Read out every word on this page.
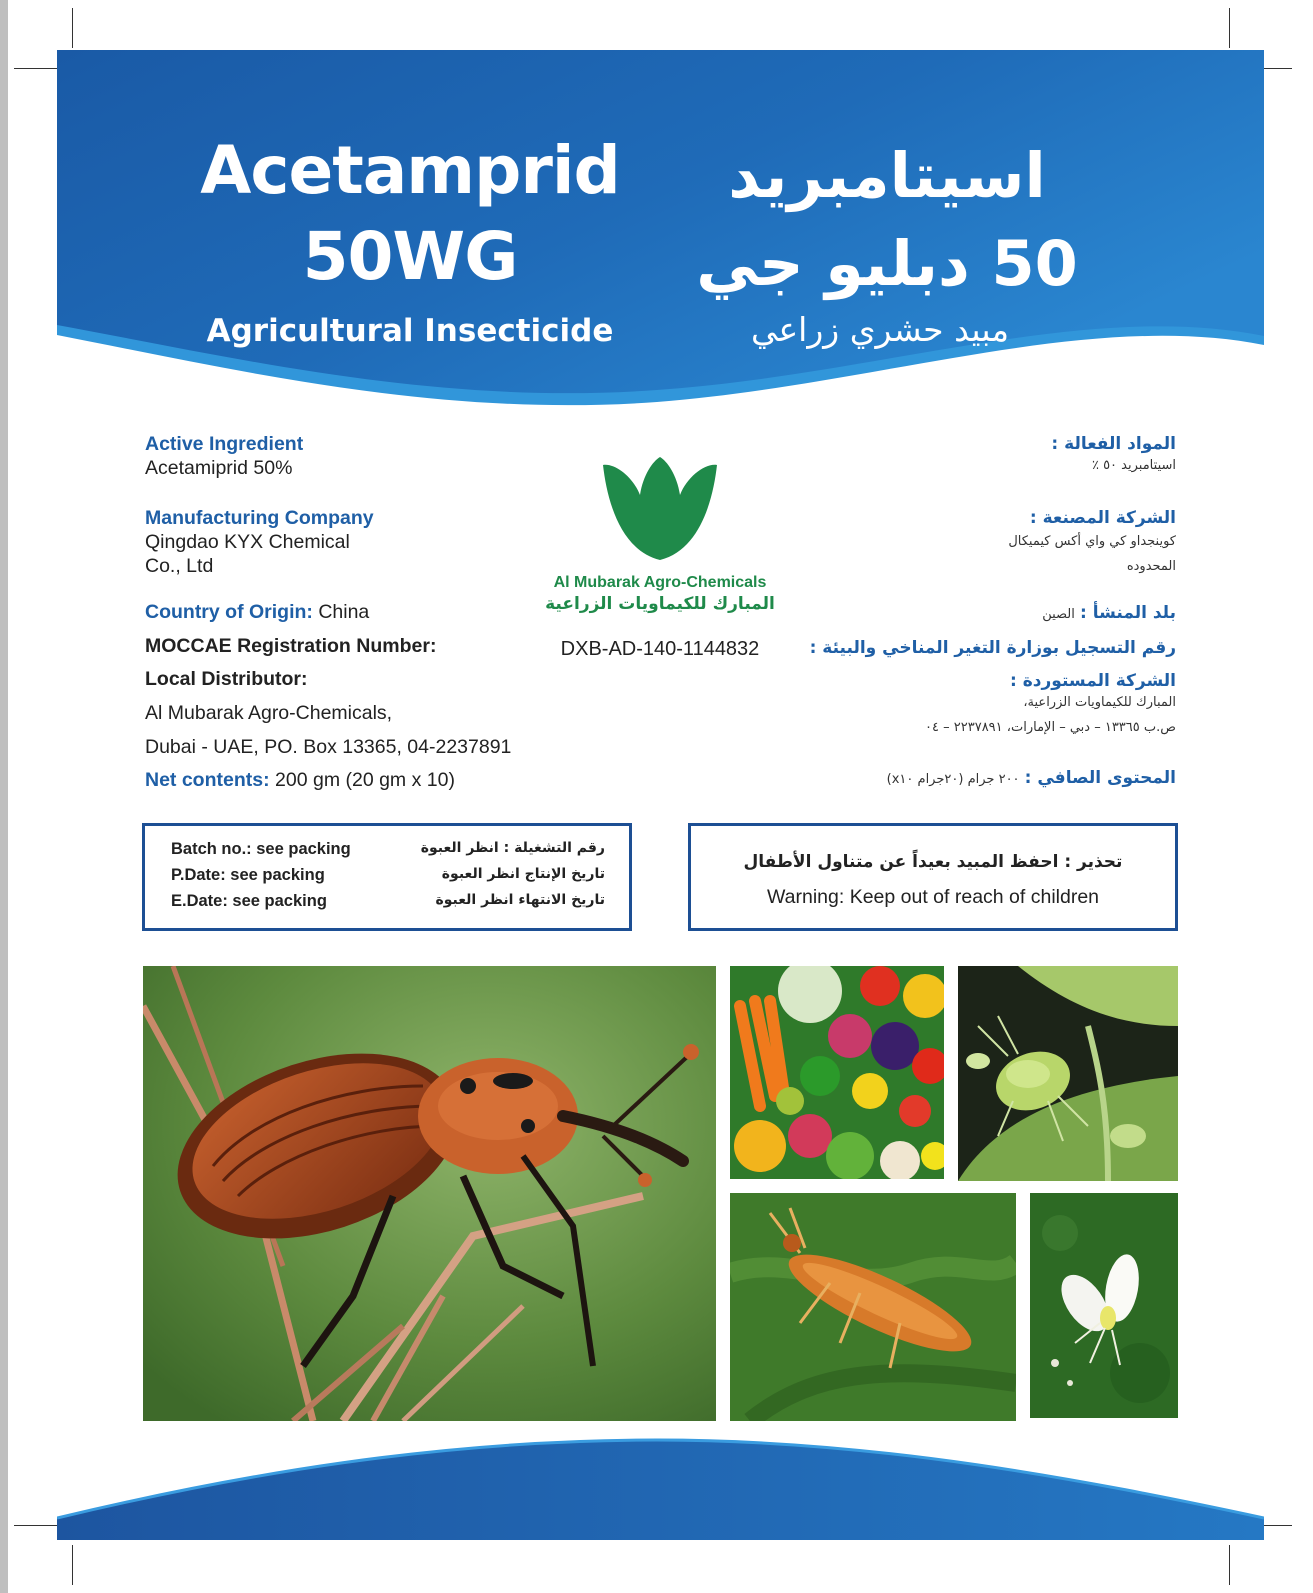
Acetamprid
50WG
Agricultural Insecticide
اسيتامبريد
50 دبليو جي
مبيد حشري زراعي
Active Ingredient
Acetamiprid 50%
Manufacturing Company
Qingdao KYX Chemical
Co., Ltd
Country of Origin: China
MOCCAE Registration Number:
Local Distributor:
Al Mubarak Agro-Chemicals,
Dubai - UAE, PO. Box 13365, 04-2237891
Net contents: 200 gm (20 gm x 10)
Al Mubarak Agro-Chemicals
المبارك للكيماويات الزراعية
DXB-AD-140-1144832
المواد الفعالة :
اسيتامبريد ٥٠ ٪
الشركة المصنعة :
كوينجداو كي واي أكس كيميكال
المحدوده
بلد المنشأ : الصين
رقم التسجيل بوزارة التغير المناخي والبيئة :
الشركة المستوردة :
المبارك للكيماويات الزراعية،
ص.ب ١٣٣٦٥ – دبي – الإمارات، ٢٢٣٧٨٩١ – ٠٤
المحتوى الصافي : ٢٠٠ جرام (٢٠جرام x١٠)
Batch no.: see packing	رقم التشغيلة : انظر العبوة
P.Date: see packing	تاريخ الإنتاج انظر العبوة
E.Date: see packing	تاريخ الانتهاء انظر العبوة
تحذير : احفظ المبيد بعيداً عن متناول الأطفال
Warning: Keep out of reach of children
